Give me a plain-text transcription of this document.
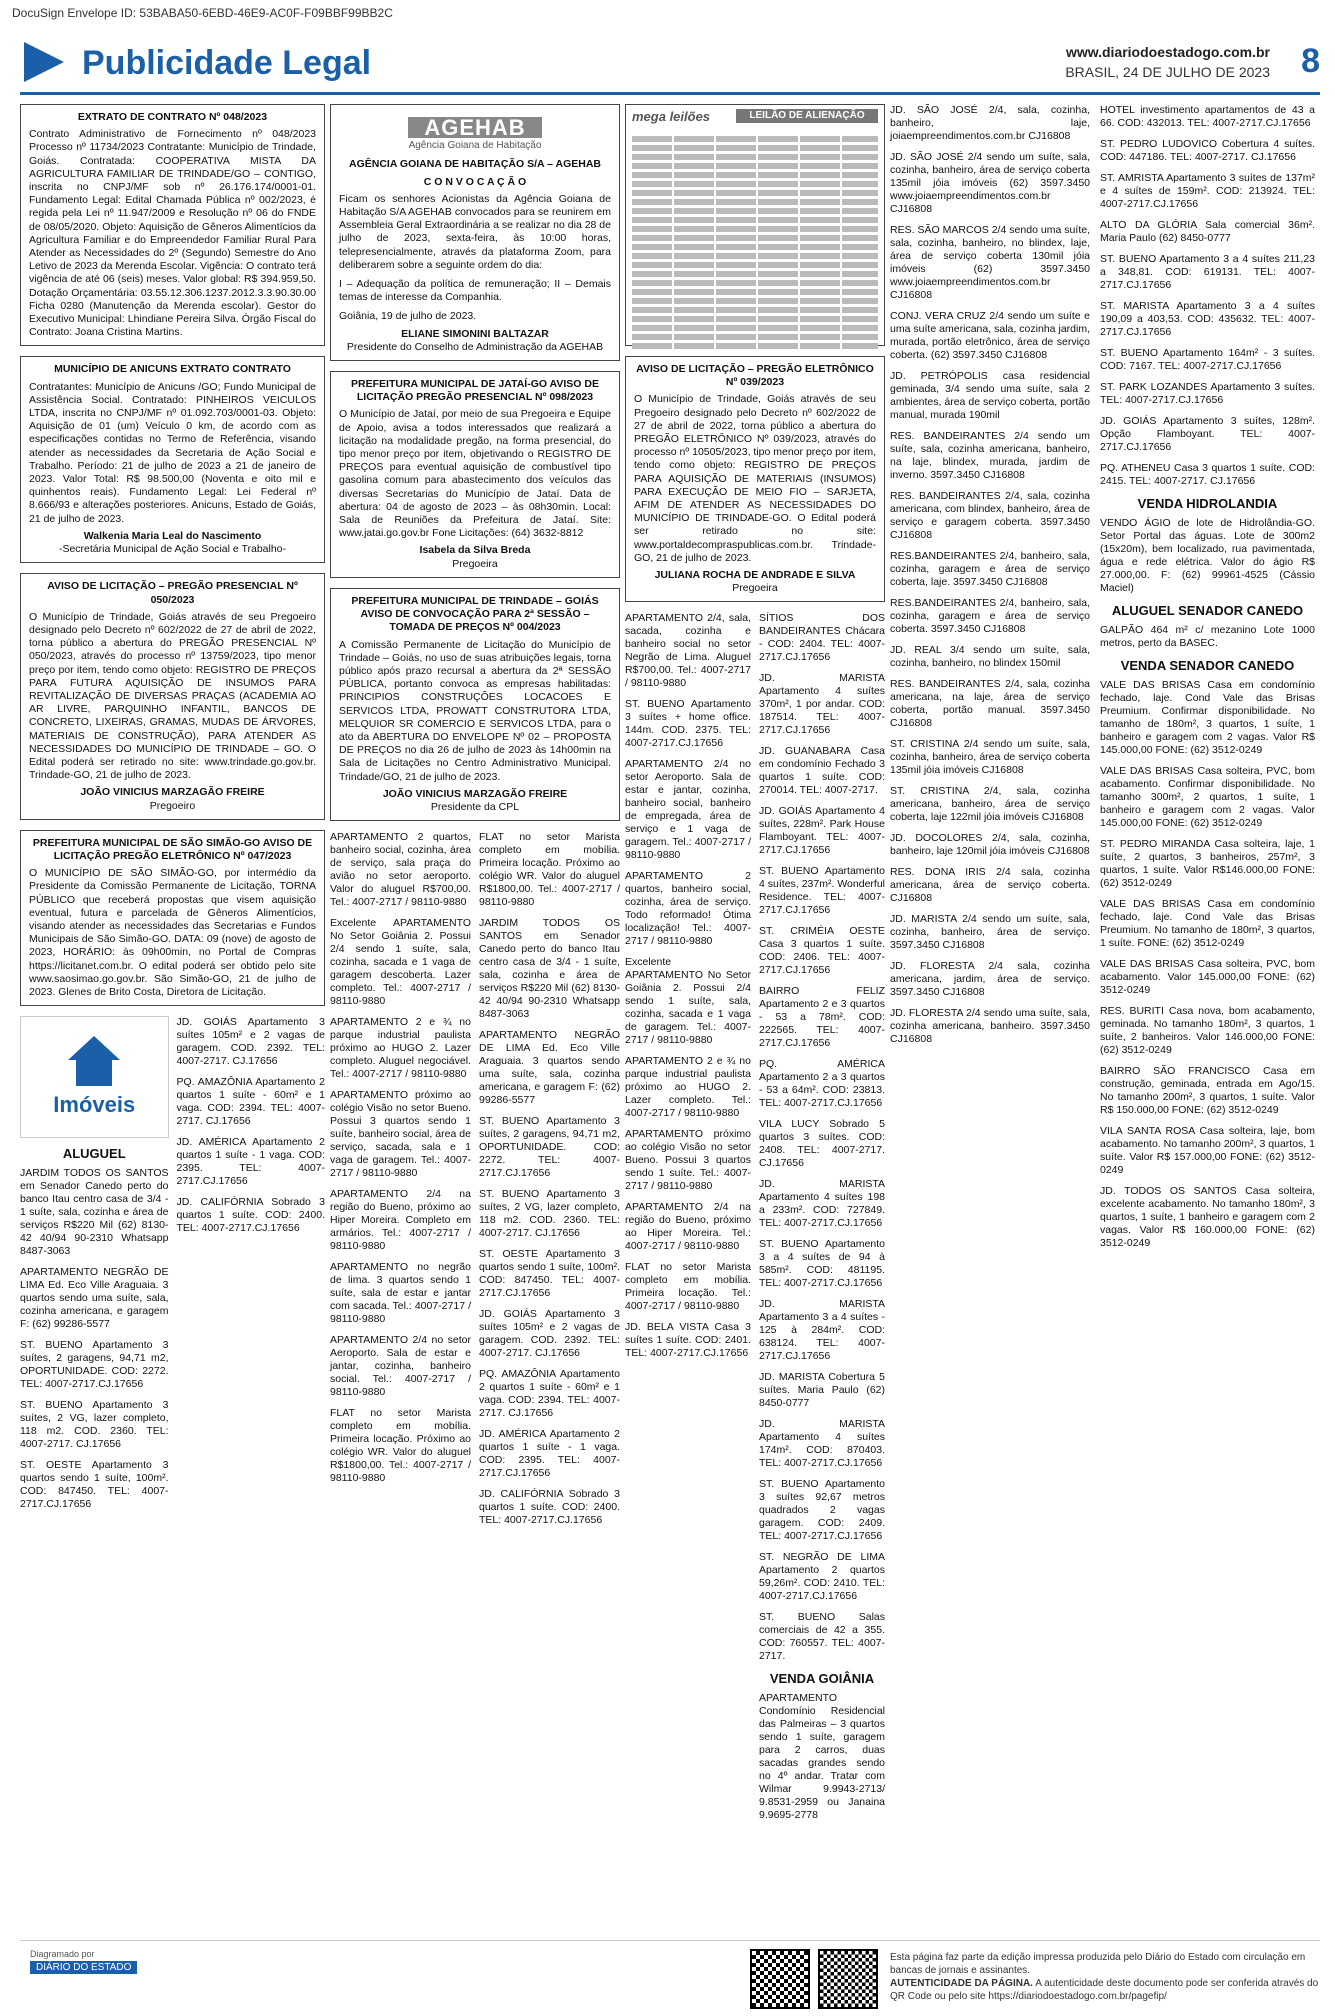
DocuSign Envelope ID: 53BABA50-6EBD-46E9-AC0F-F09BBF99BB2C
Publicidade Legal	www.diariodoestadogo.com.br
BRASIL, 24 DE JULHO DE 2023 8
EXTRATO DE CONTRATO Nº 048/2023
Contrato Administrativo de Fornecimento nº 048/2023 Processo nº 11734/2023 Contratante: Município de Trindade, Goiás. Contratada: COOPERATIVA MISTA DA AGRICULTURA FAMILIAR DE TRINDADE/GO – CONTIGO, inscrita no CNPJ/MF sob nº 26.176.174/0001-01. Fundamento Legal: Edital Chamada Pública nº 002/2023, é regida pela Lei nº 11.947/2009 e Resolução nº 06 do FNDE de 08/05/2020. Objeto: Aquisição de Gêneros Alimentícios da Agricultura Familiar e do Empreendedor Familiar Rural Para Atender as Necessidades do 2º (Segundo) Semestre do Ano Letivo de 2023 da Merenda Escolar. Vigência: O contrato terá vigência de até 06 (seis) meses. Valor global: R$ 394.959,50. Dotação Orçamentária: 03.55.12.306.1237.2012.3.3.90.30.00 Ficha 0280 (Manutenção da Merenda escolar). Gestor do Executivo Municipal: Lhindiane Pereira Silva. Órgão Fiscal do Contrato: Joana Cristina Martins.
MUNICÍPIO DE ANICUNS EXTRATO CONTRATO
Contratantes: Município de Anicuns /GO; Fundo Municipal de Assistência Social. Contratado: PINHEIROS VEICULOS LTDA, inscrita no CNPJ/MF nº 01.092.703/0001-03. Objeto: Aquisição de 01 (um) Veículo 0 km, de acordo com as especificações contidas no Termo de Referência, visando atender as necessidades da Secretaria de Ação Social e Trabalho. Período: 21 de julho de 2023 a 21 de janeiro de 2023. Valor Total: R$ 98.500,00 (Noventa e oito mil e quinhentos reais). Fundamento Legal: Lei Federal nº 8.666/93 e alterações posteriores. Anicuns, Estado de Goiás, 21 de julho de 2023.
Walkenia Maria Leal do Nascimento
-Secretária Municipal de Ação Social e Trabalho-
AVISO DE LICITAÇÃO – PREGÃO PRESENCIAL Nº 050/2023
O Município de Trindade, Goiás através de seu Pregoeiro designado pelo Decreto nº 602/2022 de 27 de abril de 2022, torna público a abertura do PREGÃO PRESENCIAL Nº 050/2023, através do processo nº 13759/2023, tipo menor preço por item, tendo como objeto: REGISTRO DE PREÇOS PARA FUTURA AQUISIÇÃO DE INSUMOS PARA REVITALIZAÇÃO DE DIVERSAS PRAÇAS (ACADEMIA AO AR LIVRE, PARQUINHO INFANTIL, BANCOS DE CONCRETO, LIXEIRAS, GRAMAS, MUDAS DE ÁRVORES, MATERIAIS DE CONSTRUÇÃO), PARA ATENDER AS NECESSIDADES DO MUNICÍPIO DE TRINDADE – GO. O Edital poderá ser retirado no site: www.trindade.go.gov.br. Trindade-GO, 21 de julho de 2023.
JOÃO VINICIUS MARZAGÃO FREIRE
Pregoeiro
PREFEITURA MUNICIPAL DE SÃO SIMÃO-GO AVISO DE LICITAÇÃO PREGÃO ELETRÔNICO Nº 047/2023
O MUNICÍPIO DE SÃO SIMÃO-GO, por intermédio da Presidente da Comissão Permanente de Licitação, TORNA PÚBLICO que receberá propostas que visem aquisição eventual, futura e parcelada de Gêneros Alimentícios, visando atender as necessidades das Secretarias e Fundos Municipais de São Simão-GO. DATA: 09 (nove) de agosto de 2023, HORÁRIO: às 09h00min, no Portal de Compras https://licitanet.com.br. O edital poderá ser obtido pelo site www.saosimao.go.gov.br. São Simão-GO, 21 de julho de 2023. Glenes de Brito Costa, Diretora de Licitação.
Imóveis
ALUGUEL
JARDIM TODOS OS SANTOS em Senador Canedo perto do banco Itau centro casa de 3/4 - 1 suíte, sala, cozinha e área de serviços R$220 Mil (62) 8130-42 40/94 90-2310 Whatsapp 8487-3063
APARTAMENTO NEGRÃO DE LIMA Ed. Eco Ville Araguaia. 3 quartos sendo uma suíte, sala, cozinha americana, e garagem F: (62) 99286-5577
ST. BUENO Apartamento 3 suítes, 2 garagens, 94,71 m2, OPORTUNIDADE. COD: 2272. TEL: 4007-2717.CJ.17656
ST. BUENO Apartamento 3 suítes, 2 VG, lazer completo, 118 m2. COD. 2360. TEL: 4007-2717. CJ.17656
ST. OESTE Apartamento 3 quartos sendo 1 suíte, 100m². COD: 847450. TEL: 4007-2717.CJ.17656
JD. GOIÁS Apartamento 3 suítes 105m² e 2 vagas de garagem. COD. 2392. TEL: 4007-2717. CJ.17656
PQ. AMAZÔNIA Apartamento 2 quartos 1 suíte - 60m² e 1 vaga. COD: 2394. TEL: 4007-2717. CJ.17656
JD. AMÉRICA Apartamento 2 quartos 1 suíte - 1 vaga. COD: 2395. TEL: 4007-2717.CJ.17656
JD. CALIFÓRNIA Sobrado 3 quartos 1 suíte. COD: 2400. TEL: 4007-2717.CJ.17656
AGEHAB
Agência Goiana de Habitação
AGÊNCIA GOIANA DE HABITAÇÃO S/A – AGEHAB
C O N V O C A Ç Ã O
Ficam os senhores Acionistas da Agência Goiana de Habitação S/A AGEHAB convocados para se reunirem em Assembleia Geral Extraordinária a se realizar no dia 28 de julho de 2023, sexta-feira, às 10:00 horas, telepresencialmente, através da plataforma Zoom, para deliberarem sobre a seguinte ordem do dia:
I – Adequação da política de remuneração; II – Demais temas de interesse da Companhia.
Goiânia, 19 de julho de 2023.
ELIANE SIMONINI BALTAZAR
Presidente do Conselho de Administração da AGEHAB
PREFEITURA MUNICIPAL DE JATAÍ-GO AVISO DE LICITAÇÃO PREGÃO PRESENCIAL Nº 098/2023
O Município de Jataí, por meio de sua Pregoeira e Equipe de Apoio, avisa a todos interessados que realizará a licitação na modalidade pregão, na forma presencial, do tipo menor preço por item, objetivando o REGISTRO DE PREÇOS para eventual aquisição de combustível tipo gasolina comum para abastecimento dos veículos das diversas Secretarias do Município de Jataí. Data de abertura: 04 de agosto de 2023 – às 08h30min. Local: Sala de Reuniões da Prefeitura de Jataí. Site: www.jatai.go.gov.br Fone Licitações: (64) 3632-8812
Isabela da Silva Breda
Pregoeira
PREFEITURA MUNICIPAL DE TRINDADE – GOIÁS AVISO DE CONVOCAÇÃO PARA 2ª SESSÃO – TOMADA DE PREÇOS Nº 004/2023
A Comissão Permanente de Licitação do Município de Trindade – Goiás, no uso de suas atribuições legais, torna público após prazo recursal a abertura da 2ª SESSÃO PÚBLICA, portanto convoca as empresas habilitadas: PRINCIPIOS CONSTRUÇÕES LOCACOES E SERVICOS LTDA, PROWATT CONSTRUTORA LTDA, MELQUIOR SR COMERCIO E SERVICOS LTDA, para o ato da ABERTURA DO ENVELOPE Nº 02 – PROPOSTA DE PREÇOS no dia 26 de julho de 2023 às 14h00min na Sala de Licitações no Centro Administrativo Municipal. Trindade/GO, 21 de julho de 2023.
JOÃO VINICIUS MARZAGÃO FREIRE
Presidente da CPL
APARTAMENTO 2 quartos, banheiro social, cozinha, área de serviço, sala praça do avião no setor aeroporto. Valor do aluguel R$700,00. Tel.: 4007-2717 / 98110-9880
Excelente APARTAMENTO No Setor Goiânia 2. Possui 2/4 sendo 1 suíte, sala, cozinha, sacada e 1 vaga de garagem descoberta. Lazer completo. Tel.: 4007-2717 / 98110-9880
APARTAMENTO 2 e ¾ no parque industrial paulista próximo ao HUGO 2. Lazer completo. Aluguel negociável. Tel.: 4007-2717 / 98110-9880
APARTAMENTO próximo ao colégio Visão no setor Bueno. Possui 3 quartos sendo 1 suíte, banheiro social, área de serviço, sacada, sala e 1 vaga de garagem. Tel.: 4007-2717 / 98110-9880
APARTAMENTO 2/4 na região do Bueno, próximo ao Hiper Moreira. Completo em armários. Tel.: 4007-2717 / 98110-9880
APARTAMENTO no negrão de lima. 3 quartos sendo 1 suíte, sala de estar e jantar com sacada. Tel.: 4007-2717 / 98110-9880
APARTAMENTO 2/4 no setor Aeroporto. Sala de estar e jantar, cozinha, banheiro social. Tel.: 4007-2717 / 98110-9880
FLAT no setor Marista completo em mobília. Primeira locação. Próximo ao colégio WR. Valor do aluguel R$1800,00. Tel.: 4007-2717 / 98110-9880
FLAT no setor Marista completo em mobília. Primeira locação. Próximo ao colégio WR. Valor do aluguel R$1800,00. Tel.: 4007-2717 / 98110-9880
JARDIM TODOS OS SANTOS em Senador Canedo perto do banco Itau centro casa de 3/4 - 1 suíte, sala, cozinha e área de serviços R$220 Mil (62) 8130-42 40/94 90-2310 Whatsapp 8487-3063
APARTAMENTO NEGRÃO DE LIMA Ed. Eco Ville Araguaia. 3 quartos sendo uma suíte, sala, cozinha americana, e garagem F: (62) 99286-5577
ST. BUENO Apartamento 3 suítes, 2 garagens, 94,71 m2, OPORTUNIDADE. COD: 2272. TEL: 4007-2717.CJ.17656
ST. BUENO Apartamento 3 suítes, 2 VG, lazer completo, 118 m2. COD. 2360. TEL: 4007-2717. CJ.17656
ST. OESTE Apartamento 3 quartos sendo 1 suíte, 100m². COD: 847450. TEL: 4007-2717.CJ.17656
JD. GOIÁS Apartamento 3 suítes 105m² e 2 vagas de garagem. COD. 2392. TEL: 4007-2717. CJ.17656
PQ. AMAZÔNIA Apartamento 2 quartos 1 suíte - 60m² e 1 vaga. COD: 2394. TEL: 4007-2717. CJ.17656
JD. AMÉRICA Apartamento 2 quartos 1 suíte - 1 vaga. COD: 2395. TEL: 4007-2717.CJ.17656
JD. CALIFÓRNIA Sobrado 3 quartos 1 suíte. COD: 2400. TEL: 4007-2717.CJ.17656
mega leilões	LEILÃO DE ALIENAÇÃO FIDUCIÁRIA
AVISO DE LICITAÇÃO – PREGÃO ELETRÔNICO Nº 039/2023
O Município de Trindade, Goiás através de seu Pregoeiro designado pelo Decreto nº 602/2022 de 27 de abril de 2022, torna público a abertura do PREGÃO ELETRÔNICO Nº 039/2023, através do processo nº 10505/2023, tipo menor preço por item, tendo como objeto: REGISTRO DE PREÇOS PARA AQUISIÇÃO DE MATERIAIS (INSUMOS) PARA EXECUÇÃO DE MEIO FIO – SARJETA, AFIM DE ATENDER AS NECESSIDADES DO MUNICÍPIO DE TRINDADE-GO. O Edital poderá ser retirado no site: www.portaldecompraspublicas.com.br. Trindade-GO, 21 de julho de 2023.
JULIANA ROCHA DE ANDRADE E SILVA
Pregoeira
APARTAMENTO 2/4, sala, sacada, cozinha e banheiro social no setor Negrão de Lima. Aluguel R$700,00. Tel.: 4007-2717 / 98110-9880
ST. BUENO Apartamento 3 suítes + home office. 144m. COD. 2375. TEL: 4007-2717.CJ.17656
APARTAMENTO 2/4 no setor Aeroporto. Sala de estar e jantar, cozinha, banheiro social, banheiro de empregada, área de serviço e 1 vaga de garagem. Tel.: 4007-2717 / 98110-9880
APARTAMENTO 2 quartos, banheiro social, cozinha, área de serviço. Todo reformado! Ótima localização! Tel.: 4007-2717 / 98110-9880
Excelente APARTAMENTO No Setor Goiânia 2. Possui 2/4 sendo 1 suíte, sala, cozinha, sacada e 1 vaga de garagem. Tel.: 4007-2717 / 98110-9880
APARTAMENTO 2 e ¾ no parque industrial paulista próximo ao HUGO 2. Lazer completo. Tel.: 4007-2717 / 98110-9880
APARTAMENTO próximo ao colégio Visão no setor Bueno. Possui 3 quartos sendo 1 suíte. Tel.: 4007-2717 / 98110-9880
APARTAMENTO 2/4 na região do Bueno, próximo ao Hiper Moreira. Tel.: 4007-2717 / 98110-9880
FLAT no setor Marista completo em mobília. Primeira locação. Tel.: 4007-2717 / 98110-9880
JD. BELA VISTA Casa 3 suítes 1 suíte. COD: 2401. TEL: 4007-2717.CJ.17656
SÍTIOS DOS BANDEIRANTES Chácara - COD: 2404. TEL: 4007-2717.CJ.17656
JD. MARISTA Apartamento 4 suítes 370m², 1 por andar. COD: 187514. TEL: 4007-2717.CJ.17656
JD. GUANABARA Casa em condomínio Fechado 3 quartos 1 suíte. COD: 270014. TEL: 4007-2717.
JD. GOIÁS Apartamento 4 suítes, 228m². Park House Flamboyant. TEL: 4007-2717.CJ.17656
ST. BUENO Apartamento 4 suítes, 237m². Wonderful Residence. TEL: 4007-2717.CJ.17656
ST. CRIMÉIA OESTE Casa 3 quartos 1 suíte. COD: 2406. TEL: 4007-2717.CJ.17656
BAIRRO FELIZ Apartamento 2 e 3 quartos - 53 a 78m². COD: 222565. TEL: 4007-2717.CJ.17656
PQ. AMÉRICA Apartamento 2 a 3 quartos - 53 a 64m². COD: 23813. TEL: 4007-2717.CJ.17656
VILA LUCY Sobrado 5 quartos 3 suítes. COD: 2408. TEL: 4007-2717. CJ.17656
JD. MARISTA Apartamento 4 suítes 198 a 233m². COD: 727849. TEL: 4007-2717.CJ.17656
ST. BUENO Apartamento 3 a 4 suítes de 94 à 585m². COD: 481195. TEL: 4007-2717.CJ.17656
JD. MARISTA Apartamento 3 a 4 suítes - 125 à 284m². COD: 638124. TEL: 4007-2717.CJ.17656
JD. MARISTA Cobertura 5 suítes. Maria Paulo (62) 8450-0777
JD. MARISTA Apartamento 4 suítes 174m². COD: 870403. TEL: 4007-2717.CJ.17656
ST. BUENO Apartamento 3 suítes 92,67 metros quadrados 2 vagas garagem. COD: 2409. TEL: 4007-2717.CJ.17656
ST. NEGRÃO DE LIMA Apartamento 2 quartos 59,26m². COD: 2410. TEL: 4007-2717.CJ.17656
ST. BUENO Salas comerciais de 42 a 355. COD: 760557. TEL: 4007-2717.
VENDA GOIÂNIA
APARTAMENTO Condomínio Residencial das Palmeiras – 3 quartos sendo 1 suíte, garagem para 2 carros, duas sacadas grandes sendo no 4º andar. Tratar com Wilmar 9.9943-2713/ 9.8531-2959 ou Janaina 9.9695-2778
JD. SÃO JOSÉ 2/4, sala, cozinha, banheiro, laje, joiaempreendimentos.com.br CJ16808
JD. SÃO JOSÉ 2/4 sendo um suíte, sala, cozinha, banheiro, área de serviço coberta 135mil jóia imóveis (62) 3597.3450 www.joiaempreendimentos.com.br CJ16808
RES. SÃO MARCOS 2/4 sendo uma suíte, sala, cozinha, banheiro, no blindex, laje, área de serviço coberta 130mil jóia imóveis (62) 3597.3450 www.joiaempreendimentos.com.br CJ16808
CONJ. VERA CRUZ 2/4 sendo um suíte e uma suíte americana, sala, cozinha jardim, murada, portão eletrônico, área de serviço coberta. (62) 3597.3450 CJ16808
JD. PETRÓPOLIS casa residencial geminada, 3/4 sendo uma suíte, sala 2 ambientes, área de serviço coberta, portão manual, murada 190mil
RES. BANDEIRANTES 2/4 sendo um suíte, sala, cozinha americana, banheiro, na laje, blindex, murada, jardim de inverno. 3597.3450 CJ16808
RES. BANDEIRANTES 2/4, sala, cozinha americana, com blindex, banheiro, área de serviço e garagem coberta. 3597.3450 CJ16808
RES.BANDEIRANTES 2/4, banheiro, sala, cozinha, garagem e área de serviço coberta, laje. 3597.3450 CJ16808
RES.BANDEIRANTES 2/4, banheiro, sala, cozinha, garagem e área de serviço coberta. 3597.3450 CJ16808
JD. REAL 3/4 sendo um suíte, sala, cozinha, banheiro, no blindex 150mil
RES. BANDEIRANTES 2/4, sala, cozinha americana, na laje, área de serviço coberta, portão manual. 3597.3450 CJ16808
ST. CRISTINA 2/4 sendo um suíte, sala, cozinha, banheiro, área de serviço coberta 135mil jóia imóveis CJ16808
ST. CRISTINA 2/4, sala, cozinha americana, banheiro, área de serviço coberta, laje 122mil jóia imóveis CJ16808
JD. DOCOLORES 2/4, sala, cozinha, banheiro, laje 120mil jóia imóveis CJ16808
RES. DONA IRIS 2/4 sala, cozinha americana, área de serviço coberta. CJ16808
JD. MARISTA 2/4 sendo um suíte, sala, cozinha, banheiro, área de serviço. 3597.3450 CJ16808
JD. FLORESTA 2/4 sala, cozinha americana, jardim, área de serviço. 3597.3450 CJ16808
JD. FLORESTA 2/4 sendo uma suíte, sala, cozinha americana, banheiro. 3597.3450 CJ16808
HOTEL investimento apartamentos de 43 a 66. COD: 432013. TEL: 4007-2717.CJ.17656
ST. PEDRO LUDOVICO Cobertura 4 suítes. COD: 447186. TEL: 4007-2717. CJ.17656
ST. AMRISTA Apartamento 3 suítes de 137m² e 4 suítes de 159m². COD: 213924. TEL: 4007-2717.CJ.17656
ALTO DA GLÓRIA Sala comercial 36m². Maria Paulo (62) 8450-0777
ST. BUENO Apartamento 3 a 4 suítes 211,23 a 348,81. COD: 619131. TEL: 4007-2717.CJ.17656
ST. MARISTA Apartamento 3 a 4 suítes 190,09 a 403,53. COD: 435632. TEL: 4007-2717.CJ.17656
ST. BUENO Apartamento 164m² - 3 suítes. COD: 7167. TEL: 4007-2717.CJ.17656
ST. PARK LOZANDES Apartamento 3 suítes. TEL: 4007-2717.CJ.17656
JD. GOIÁS Apartamento 3 suítes, 128m². Opção Flamboyant. TEL: 4007-2717.CJ.17656
PQ. ATHENEU Casa 3 quartos 1 suíte. COD: 2415. TEL: 4007-2717. CJ.17656
VENDA HIDROLANDIA
VENDO ÁGIO de lote de Hidrolândia-GO. Setor Portal das águas. Lote de 300m2 (15x20m), bem localizado, rua pavimentada, água e rede elétrica. Valor do ágio R$ 27.000,00. F: (62) 99961-4525 (Cássio Maciel)
ALUGUEL SENADOR CANEDO
GALPÃO 464 m² c/ mezanino Lote 1000 metros, perto da BASEC.
VENDA SENADOR CANEDO
VALE DAS BRISAS Casa em condomínio fechado, laje. Cond Vale das Brisas Preumium. Confirmar disponibilidade. No tamanho de 180m², 3 quartos, 1 suíte, 1 banheiro e garagem com 2 vagas. Valor R$ 145.000,00 FONE: (62) 3512-0249
VALE DAS BRISAS Casa solteira, PVC, bom acabamento. Confirmar disponibilidade. No tamanho 300m², 2 quartos, 1 suíte, 1 banheiro e garagem com 2 vagas. Valor 145.000,00 FONE: (62) 3512-0249
ST. PEDRO MIRANDA Casa solteira, laje, 1 suíte, 2 quartos, 3 banheiros, 257m², 3 quartos, 1 suíte. Valor R$146.000,00 FONE: (62) 3512-0249
VALE DAS BRISAS Casa em condomínio fechado, laje. Cond Vale das Brisas Preumium. No tamanho de 180m², 3 quartos, 1 suíte. FONE: (62) 3512-0249
VALE DAS BRISAS Casa solteira, PVC, bom acabamento. Valor 145.000,00 FONE: (62) 3512-0249
RES. BURITI Casa nova, bom acabamento, geminada. No tamanho 180m², 3 quartos, 1 suíte, 2 banheiros. Valor 146.000,00 FONE: (62) 3512-0249
BAIRRO SÃO FRANCISCO Casa em construção, geminada, entrada em Ago/15. No tamanho 200m², 3 quartos, 1 suíte. Valor R$ 150.000,00 FONE: (62) 3512-0249
VILA SANTA ROSA Casa solteira, laje, bom acabamento. No tamanho 200m², 3 quartos, 1 suíte. Valor R$ 157.000,00 FONE: (62) 3512-0249
JD. TODOS OS SANTOS Casa solteira, excelente acabamento. No tamanho 180m², 3 quartos, 1 suíte, 1 banheiro e garagem com 2 vagas. Valor R$ 160.000,00 FONE: (62) 3512-0249
Diagramado por
DIÁRIO DO ESTADO
Esta página faz parte da edição impressa produzida pelo Diário do Estado com circulação em bancas de jornais e assinantes.
AUTENTICIDADE DA PÁGINA. A autenticidade deste documento pode ser conferida através do QR Code ou pelo site https://diariodoestadogo.com.br/pagefip/
